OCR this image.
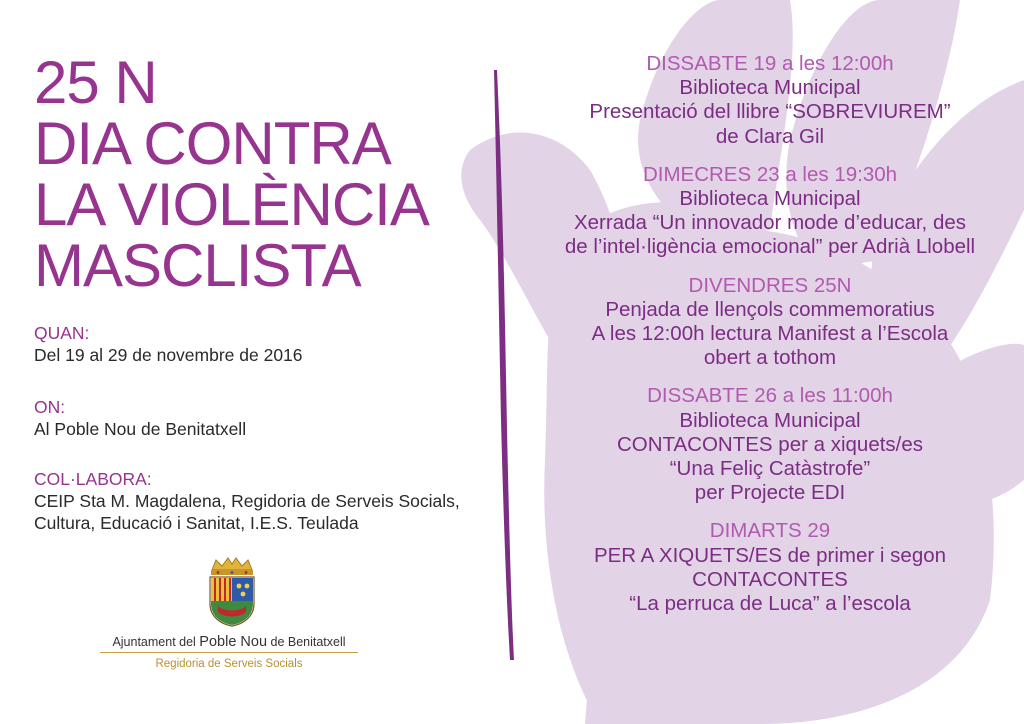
25 N
DIA CONTRA
LA VIOLÈNCIA
MASCLISTA
QUAN:
Del 19 al 29 de novembre de 2016
ON:
Al Poble Nou de Benitatxell
COL·LABORA:
CEIP Sta M. Magdalena, Regidoria de Serveis Socials,
Cultura, Educació i Sanitat, I.E.S. Teulada
Ajuntament del Poble Nou de Benitatxell
Regidoria de Serveis Socials
DISSABTE 19 a les 12:00h
Biblioteca Municipal
Presentació del llibre “SOBREVIUREM”
de Clara Gil
DIMECRES 23 a les 19:30h
Biblioteca Municipal
Xerrada “Un innovador mode d’educar, des
de l’intel·ligència emocional” per Adrià Llobell
DIVENDRES 25N
Penjada de llençols commemoratius
A les 12:00h lectura Manifest a l’Escola
obert a tothom
DISSABTE 26 a les 11:00h
Biblioteca Municipal
CONTACONTES per a xiquets/es
“Una Feliç Catàstrofe”
per Projecte EDI
DIMARTS 29
PER A XIQUETS/ES de primer i segon
CONTACONTES
“La perruca de Luca” a l’escola
